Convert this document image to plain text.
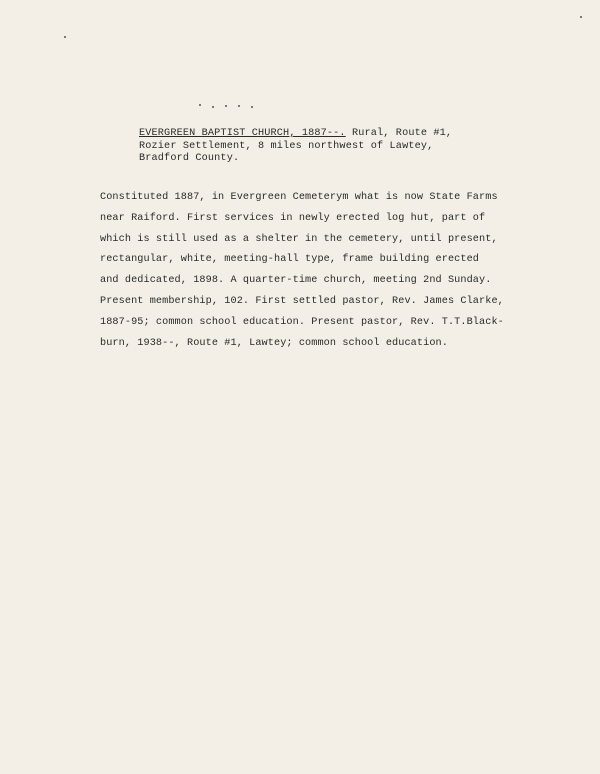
EVERGREEN BAPTIST CHURCH, 1887--. Rural, Route #1,
Rozier Settlement, 8 miles northwest of Lawtey,
Bradford County.
Constituted 1887, in Evergreen Cemeterym what is now State Farms
near Raiford. First services in newly erected log hut, part of
which is still used as a shelter in the cemetery, until present,
rectangular, white, meeting-hall type, frame building erected
and dedicated, 1898. A quarter-time church, meeting 2nd Sunday.
Present membership, 102. First settled pastor, Rev. James Clarke,
1887-95; common school education. Present pastor, Rev. T.T.Black-
burn, 1938--, Route #1, Lawtey; common school education.
